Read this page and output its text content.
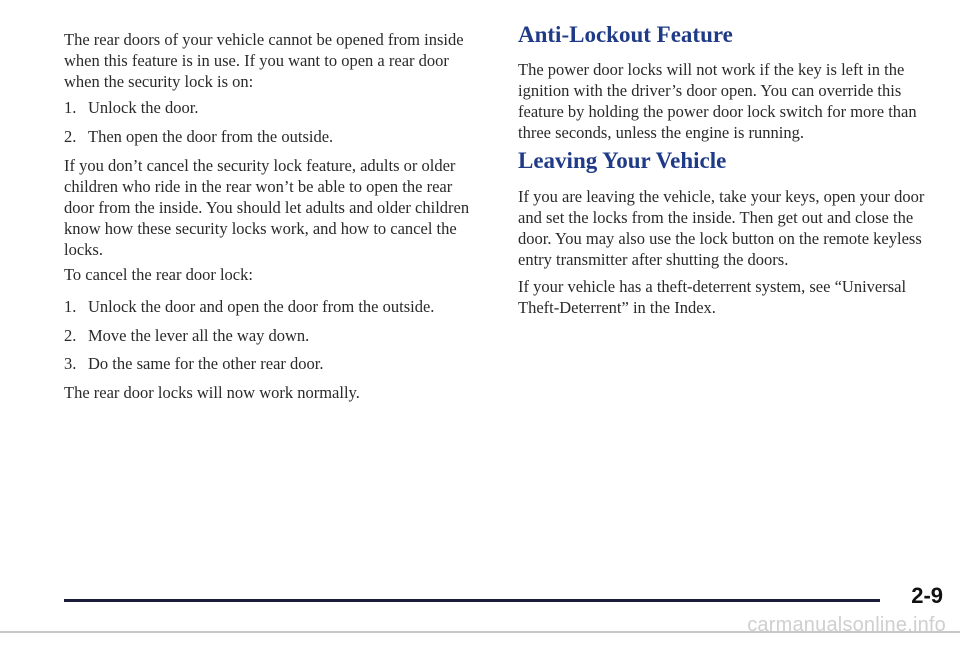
The rear doors of your vehicle cannot be opened from inside when this feature is in use. If you want to open a rear door when the security lock is on:

1. Unlock the door.

2. Then open the door from the outside.

If you don’t cancel the security lock feature, adults or older children who ride in the rear won’t be able to open the rear door from the inside. You should let adults and older children know how these security locks work, and how to cancel the locks.

To cancel the rear door lock:

1. Unlock the door and open the door from the outside.

2. Move the lever all the way down.

3. Do the same for the other rear door.

The rear door locks will now work normally.

Anti-Lockout Feature

The power door locks will not work if the key is left in the ignition with the driver’s door open. You can override this feature by holding the power door lock switch for more than three seconds, unless the engine is running.

Leaving Your Vehicle

If you are leaving the vehicle, take your keys, open your door and set the locks from the inside. Then get out and close the door. You may also use the lock button on the remote keyless entry transmitter after shutting the doors.

If your vehicle has a theft-deterrent system, see “Universal Theft-Deterrent” in the Index.

2-9

carmanualsonline.info
